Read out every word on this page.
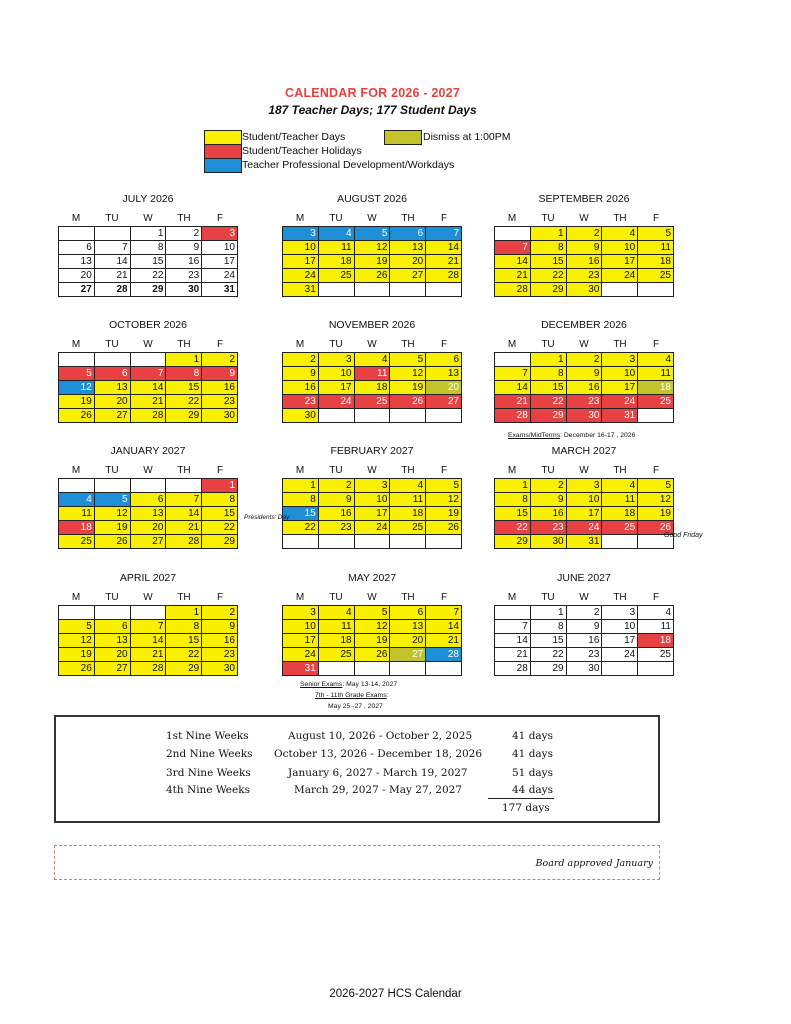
CALENDAR FOR 2026 - 2027
187 Teacher Days; 177 Student Days
Student/Teacher Days
Student/Teacher Holidays
Teacher Professional Development/Workdays
Dismiss at 1:00PM
JULY 2026
M	TU	W	TH	F
		1	2	3
6	7	8	9	10
13	14	15	16	17
20	21	22	23	24
27	28	29	30	31
AUGUST 2026
M	TU	W	TH	F
3	4	5	6	7
10	11	12	13	14
17	18	19	20	21
24	25	26	27	28
31				
SEPTEMBER 2026
M	TU	W	TH	F
	1	2	4	5
7	8	9	10	11
14	15	16	17	18
21	22	23	24	25
28	29	30		
OCTOBER 2026
M	TU	W	TH	F
			1	2
5	6	7	8	9
12	13	14	15	16
19	20	21	22	23
26	27	28	29	30
NOVEMBER 2026
M	TU	W	TH	F
2	3	4	5	6
9	10	11	12	13
16	17	18	19	20
23	24	25	26	27
30				
DECEMBER 2026
M	TU	W	TH	F
	1	2	3	4
7	8	9	10	11
14	15	16	17	18
21	22	23	24	25
28	29	30	31	
JANUARY 2027
M	TU	W	TH	F
				1
4	5	6	7	8
11	12	13	14	15
18	19	20	21	22
25	26	27	28	29
FEBRUARY 2027
M	TU	W	TH	F
1	2	3	4	5
8	9	10	11	12
15	16	17	18	19
22	23	24	25	26

MARCH 2027
M	TU	W	TH	F
1	2	3	4	5
8	9	10	11	12
15	16	17	18	19
22	23	24	25	26
29	30	31		
APRIL 2027
M	TU	W	TH	F
			1	2
5	6	7	8	9
12	13	14	15	16
19	20	21	22	23
26	27	28	29	30
MAY 2027
M	TU	W	TH	F
3	4	5	6	7
10	11	12	13	14
17	18	19	20	21
24	25	26	27	28
31				
JUNE 2027
M	TU	W	TH	F
	1	2	3	4
7	8	9	10	11
14	15	16	17	18
21	22	23	24	25
28	29	30		
Exams/MidTerms: December 16-17 , 2026
Presidents' Day
Good Friday
Senior Exams: May 13-14, 2027
7th - 11th Grade Exams:
May 25 -27 , 2027
1st Nine Weeks	August 10, 2026 - October 2, 2025	41 days
2nd Nine Weeks October 13, 2026 - December 18, 2026	41 days
3rd Nine Weeks	January 6, 2027 - March 19, 2027	51 days
4th Nine Weeks	March 29, 2027 - May 27, 2027	44 days
177 days
Board approved January
2026-2027 HCS Calendar
